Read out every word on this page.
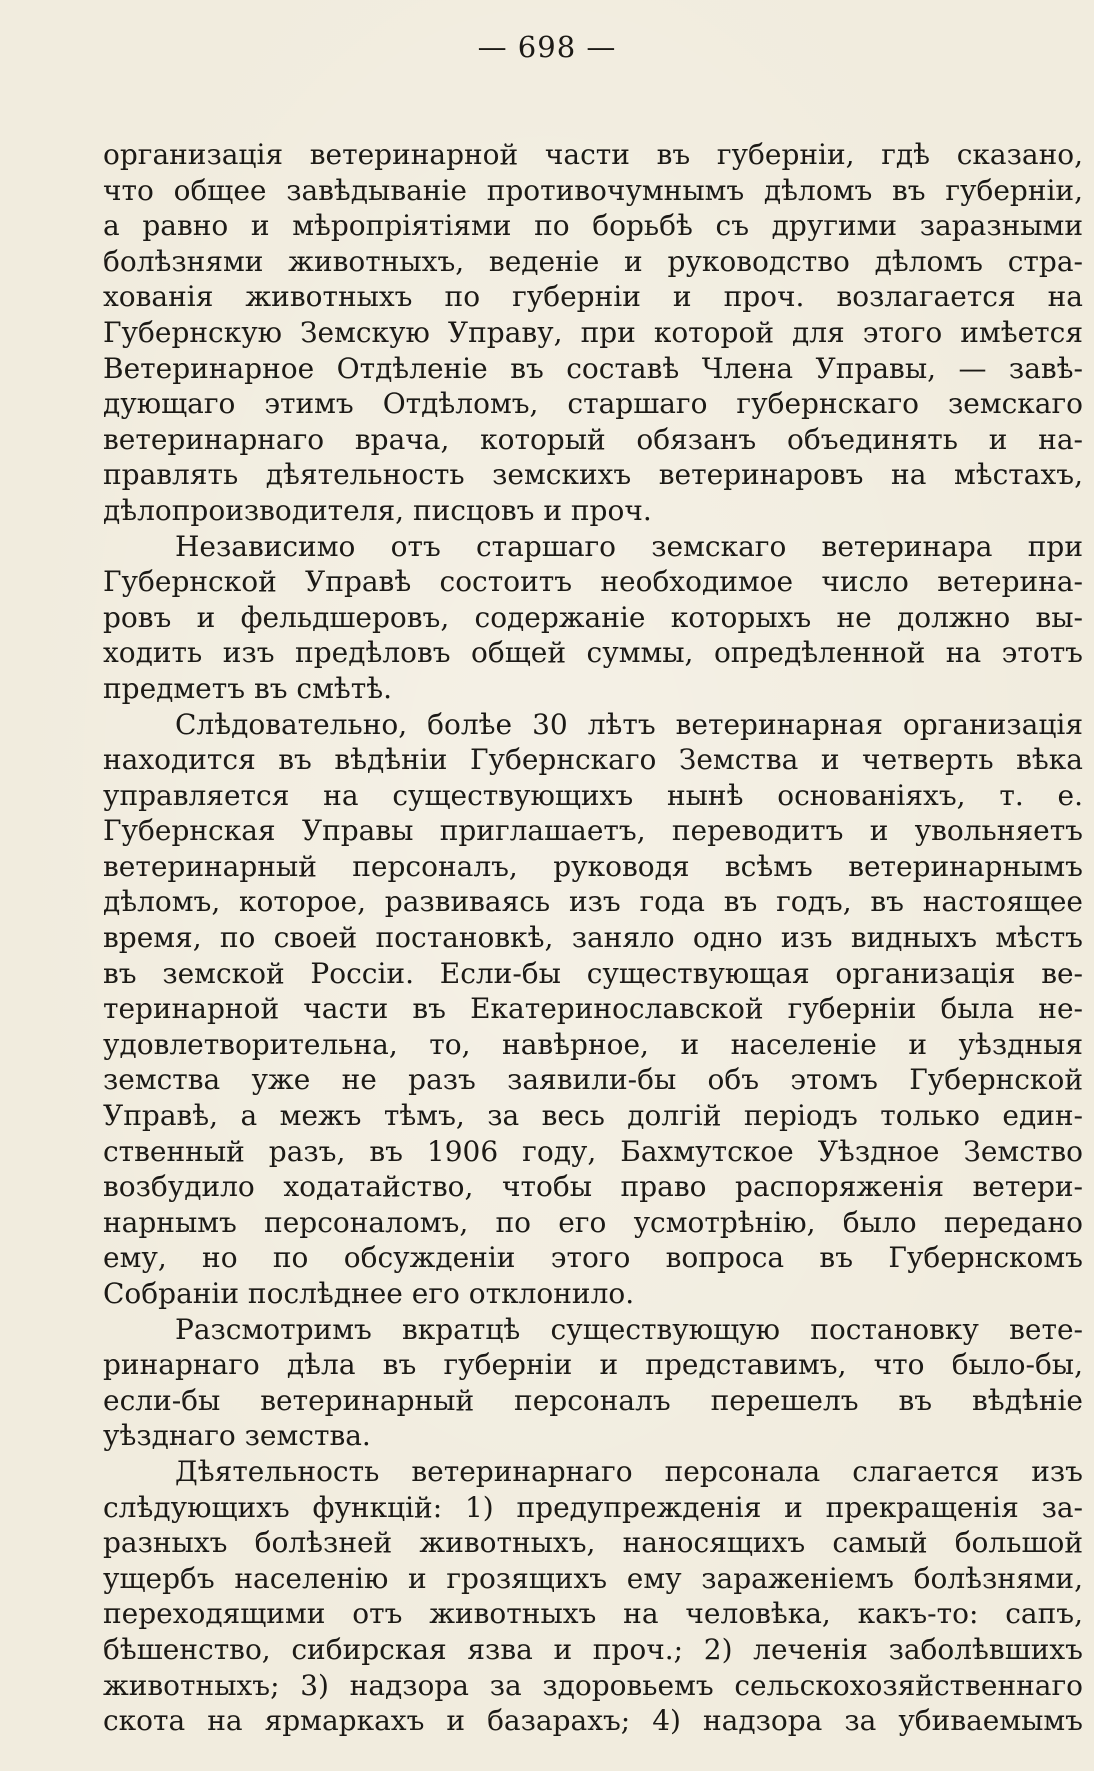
— 698 —
организація ветеринарной части въ губерніи, гдѣ сказано,
что общее завѣдываніе противочумнымъ дѣломъ въ губерніи,
а равно и мѣропріятіями по борьбѣ съ другими заразными
болѣзнями животныхъ, веденіе и руководство дѣломъ стра-
хованія животныхъ по губерніи и проч. возлагается на
Губернскую Земскую Управу, при которой для этого имѣется
Ветеринарное Отдѣленіе въ составѣ Члена Управы, — завѣ-
дующаго этимъ Отдѣломъ, старшаго губернскаго земскаго
ветеринарнаго врача, который обязанъ объединять и на-
правлять дѣятельность земскихъ ветеринаровъ на мѣстахъ,
дѣлопроизводителя, писцовъ и проч.
Независимо отъ старшаго земскаго ветеринара при
Губернской Управѣ состоитъ необходимое число ветерина-
ровъ и фельдшеровъ, содержаніе которыхъ не должно вы-
ходить изъ предѣловъ общей суммы, опредѣленной на этотъ
предметъ въ смѣтѣ.
Слѣдовательно, болѣе 30 лѣтъ ветеринарная организація
находится въ вѣдѣніи Губернскаго Земства и четверть вѣка
управляется на существующихъ нынѣ основаніяхъ, т. е.
Губернская Управы приглашаетъ, переводитъ и увольняетъ
ветеринарный персоналъ, руководя всѣмъ ветеринарнымъ
дѣломъ, которое, развиваясь изъ года въ годъ, въ настоящее
время, по своей постановкѣ, заняло одно изъ видныхъ мѣстъ
въ земской Россіи. Если-бы существующая организація ве-
теринарной части въ Екатеринославской губерніи была не-
удовлетворительна, то, навѣрное, и населеніе и уѣздныя
земства уже не разъ заявили-бы объ этомъ Губернской
Управѣ, а межъ тѣмъ, за весь долгій періодъ только един-
ственный разъ, въ 1906 году, Бахмутское Уѣздное Земство
возбудило ходатайство, чтобы право распоряженія ветери-
нарнымъ персоналомъ, по его усмотрѣнію, было передано
ему, но по обсужденіи этого вопроса въ Губернскомъ
Собраніи послѣднее его отклонило.
Разсмотримъ вкратцѣ существующую постановку вете-
ринарнаго дѣла въ губерніи и представимъ, что было-бы,
если-бы ветеринарный персоналъ перешелъ въ вѣдѣніе
уѣзднаго земства.
Дѣятельность ветеринарнаго персонала слагается изъ
слѣдующихъ функцій: 1) предупрежденія и прекращенія за-
разныхъ болѣзней животныхъ, наносящихъ самый большой
ущербъ населенію и грозящихъ ему зараженіемъ болѣзнями,
переходящими отъ животныхъ на человѣка, какъ-то: сапъ,
бѣшенство, сибирская язва и проч.; 2) леченія заболѣвшихъ
животныхъ; 3) надзора за здоровьемъ сельскохозяйственнаго
скота на ярмаркахъ и базарахъ; 4) надзора за убиваемымъ
